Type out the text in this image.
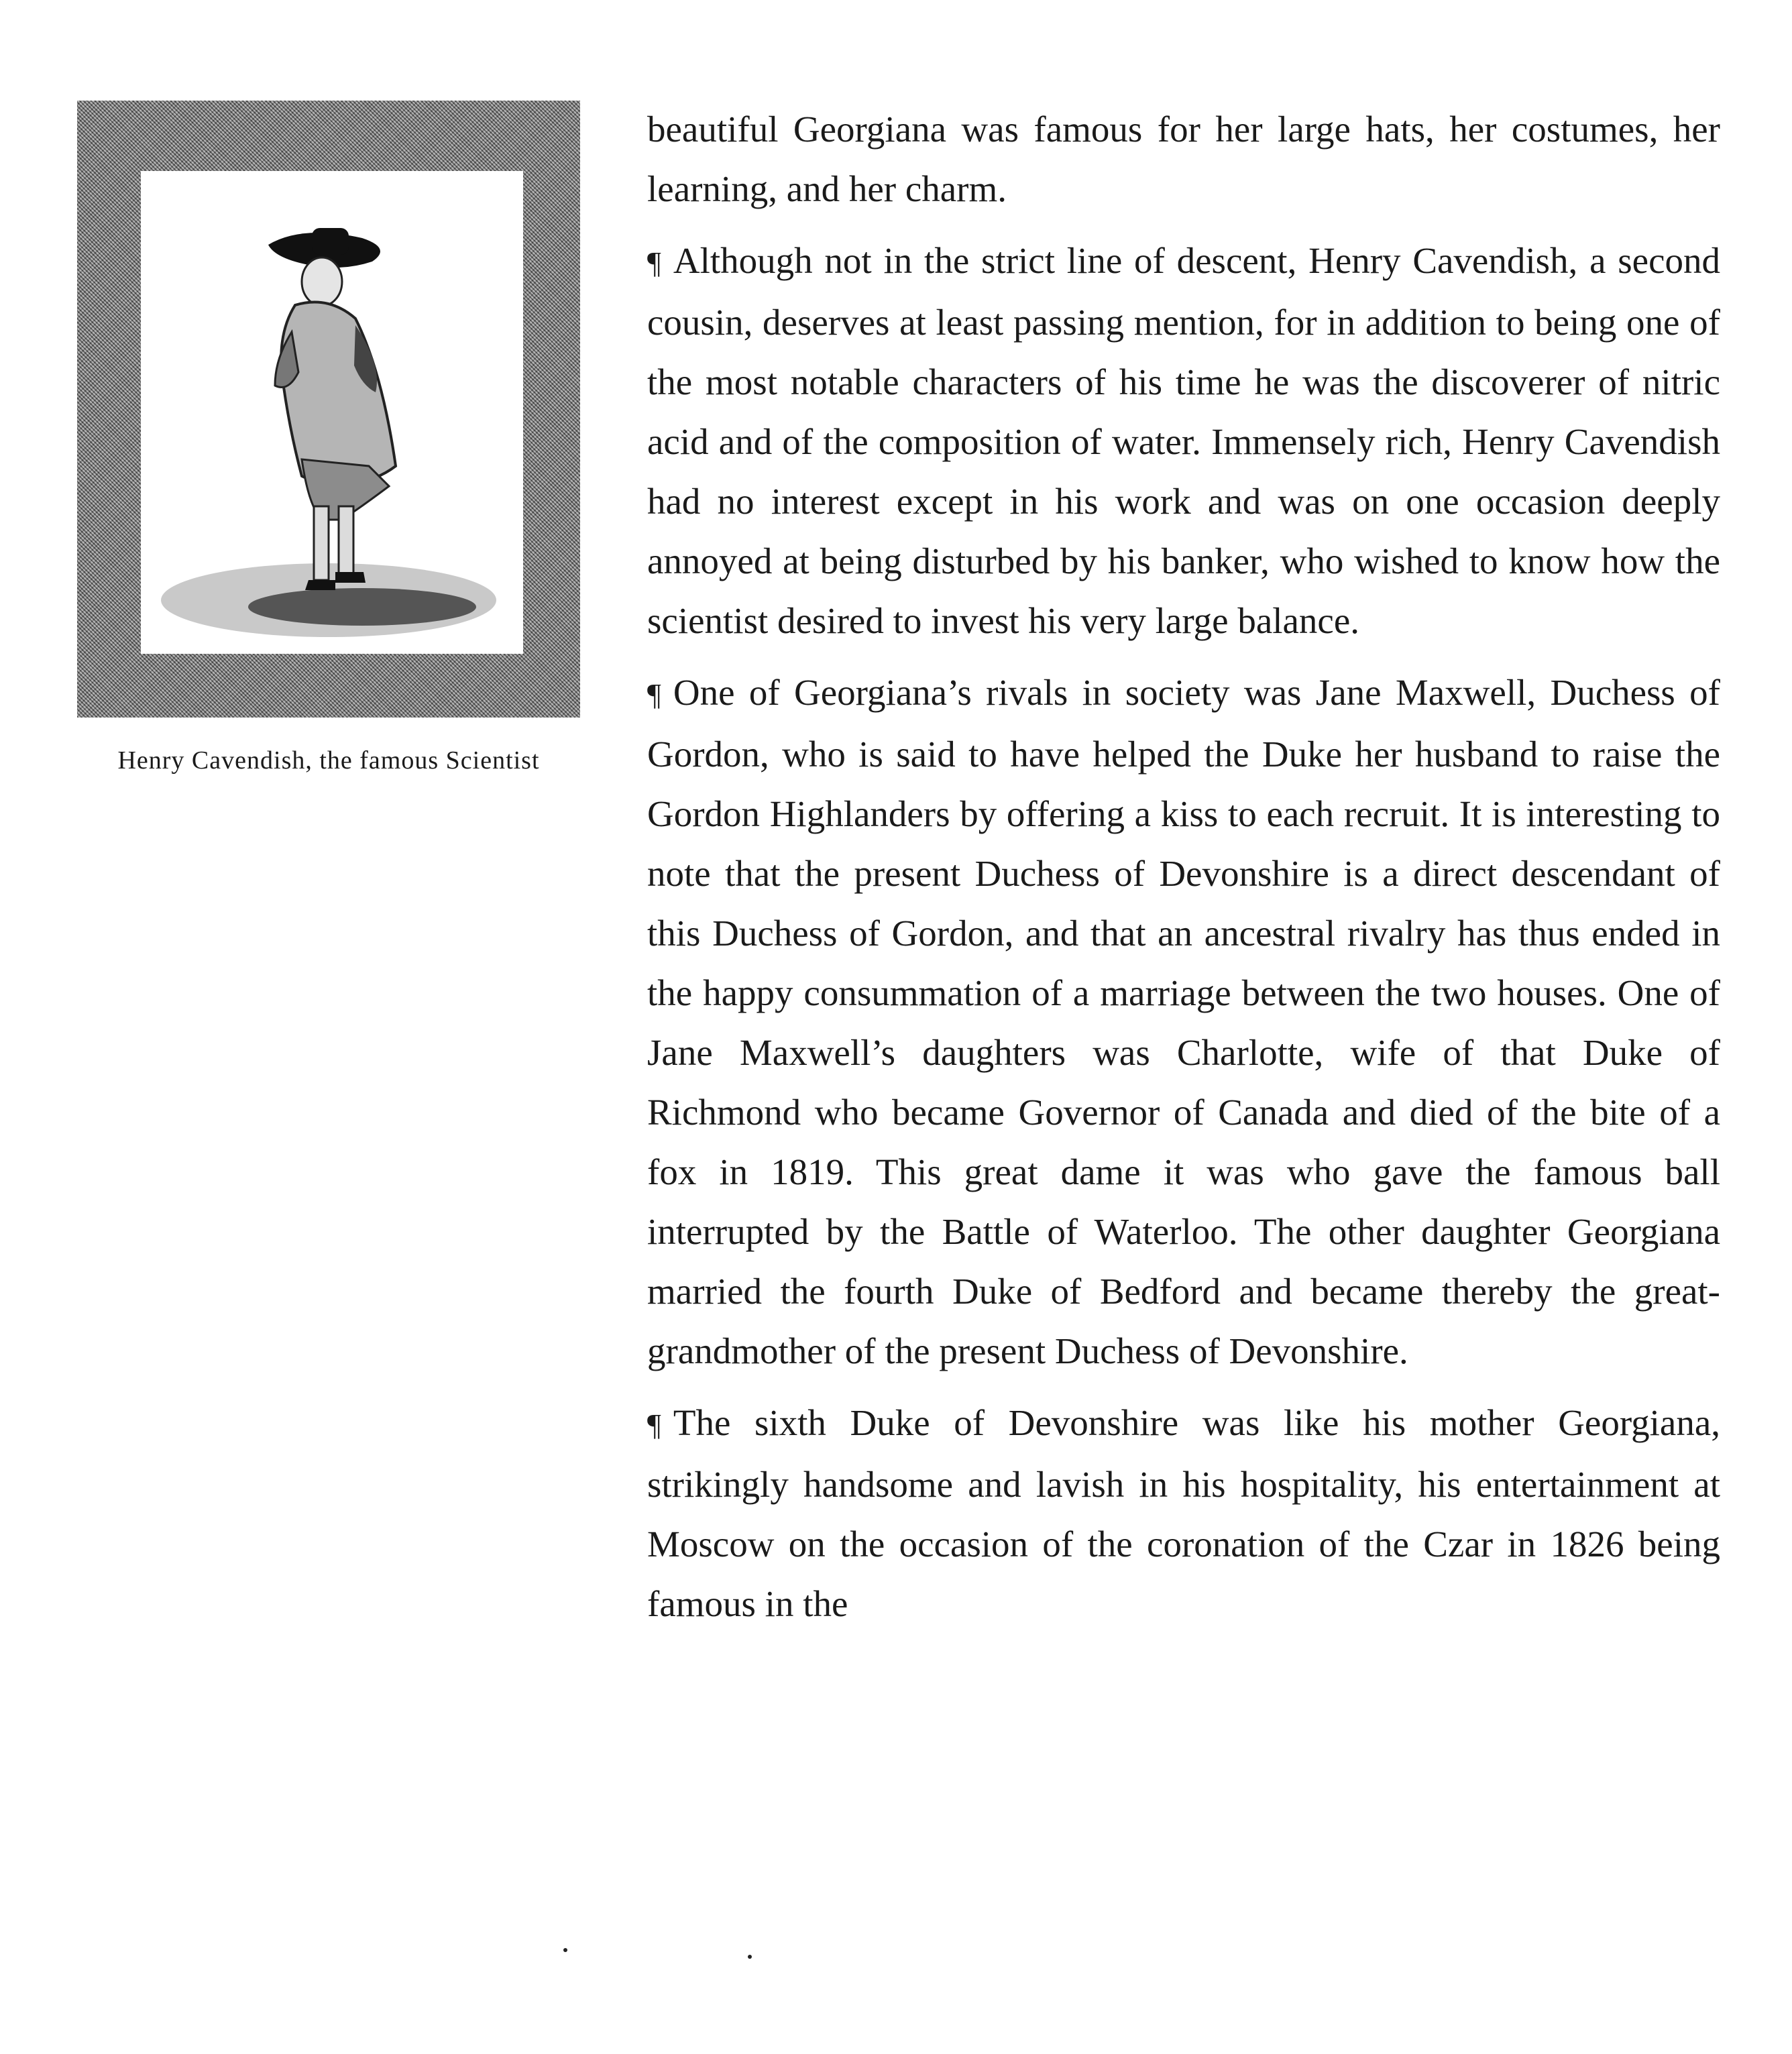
Henry Cavendish, the famous Scientist

beautiful Georgiana was famous for her large hats, her costumes, her learning, and her charm.

¶ Although not in the strict line of descent, Henry Cavendish, a second cousin, deserves at least passing mention, for in addition to being one of the most notable characters of his time he was the discoverer of nitric acid and of the composition of water. Immensely rich, Henry Cavendish had no interest except in his work and was on one occasion deeply annoyed at being disturbed by his banker, who wished to know how the scientist desired to invest his very large balance.

¶ One of Georgiana’s rivals in society was Jane Maxwell, Duchess of Gordon, who is said to have helped the Duke her husband to raise the Gordon Highlanders by offering a kiss to each recruit. It is interesting to note that the present Duchess of Devonshire is a direct descendant of this Duchess of Gordon, and that an ancestral rivalry has thus ended in the happy consummation of a marriage between the two houses. One of Jane Maxwell’s daughters was Charlotte, wife of that Duke of Richmond who became Governor of Canada and died of the bite of a fox in 1819. This great dame it was who gave the famous ball interrupted by the Battle of Waterloo. The other daughter Georgiana married the fourth Duke of Bedford and became thereby the great-grandmother of the present Duchess of Devonshire.

¶ The sixth Duke of Devonshire was like his mother Georgiana, strikingly handsome and lavish in his hospitality, his entertainment at Moscow on the occasion of the coronation of the Czar in 1826 being famous in the
